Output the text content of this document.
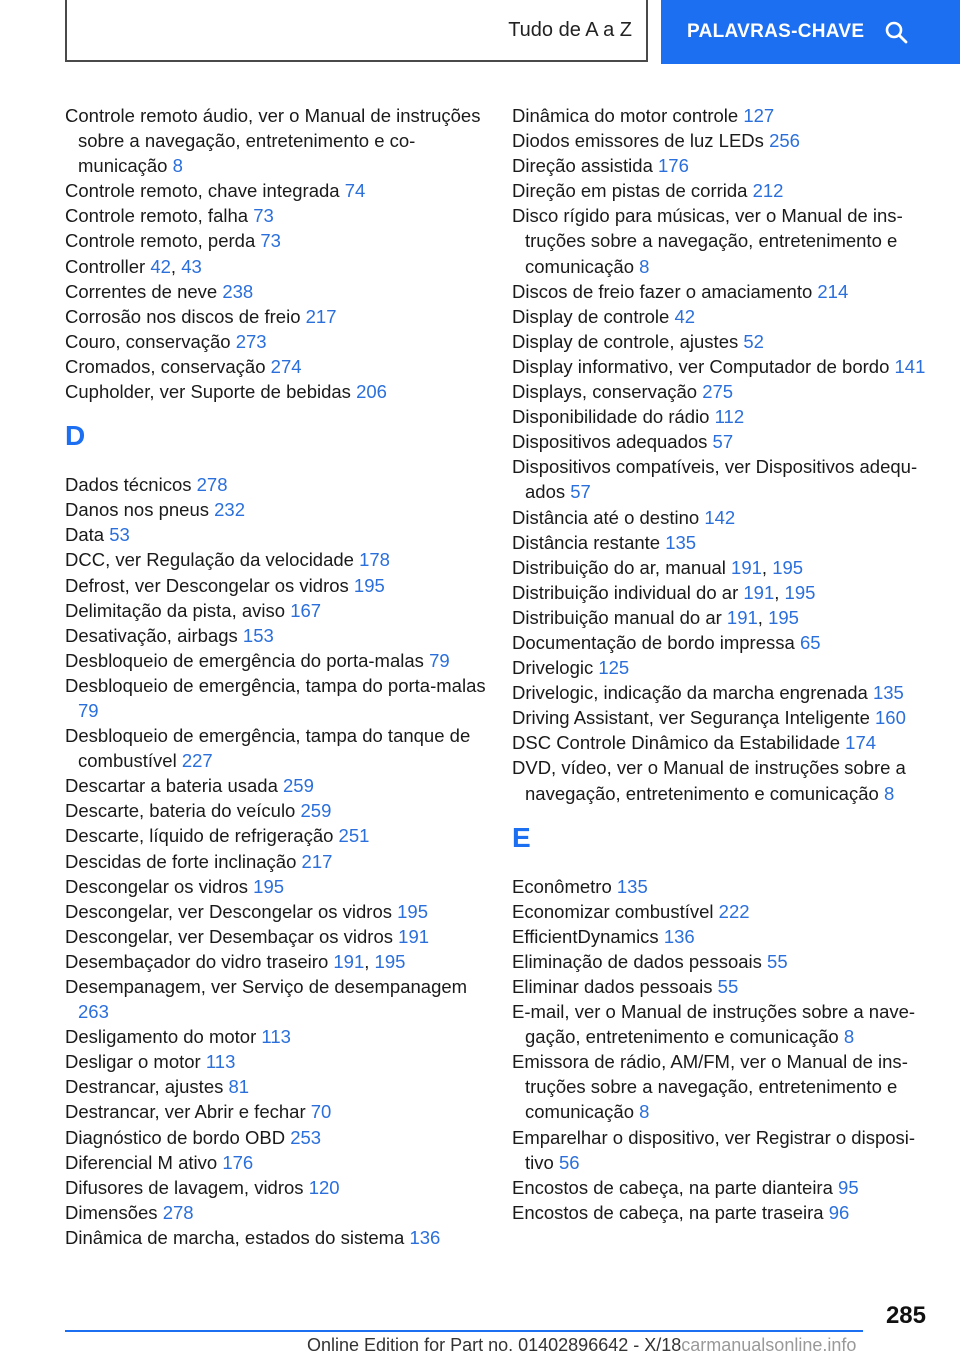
Tudo de A a Z	PALAVRAS-CHAVE

Controle remoto áudio, ver o Manual de instruções sobre a navegação, entretenimento e comunicação 8

Controle remoto, chave integrada 74

Controle remoto, falha 73

Controle remoto, perda 73

Controller 42, 43

Correntes de neve 238

Corrosão nos discos de freio 217

Couro, conservação 273

Cromados, conservação 274

Cupholder, ver Suporte de bebidas 206

D

Dados técnicos 278

Danos nos pneus 232

Data 53

DCC, ver Regulação da velocidade 178

Defrost, ver Descongelar os vidros 195

Delimitação da pista, aviso 167

Desativação, airbags 153

Desbloqueio de emergência do porta-malas 79

Desbloqueio de emergência, tampa do porta-malas 79

Desbloqueio de emergência, tampa do tanque de combustível 227

Descartar a bateria usada 259

Descarte, bateria do veículo 259

Descarte, líquido de refrigeração 251

Descidas de forte inclinação 217

Descongelar os vidros 195

Descongelar, ver Descongelar os vidros 195

Descongelar, ver Desembaçar os vidros 191

Desembaçador do vidro traseiro 191, 195

Desempanagem, ver Serviço de desempanagem 263

Desligamento do motor 113

Desligar o motor 113

Destrancar, ajustes 81

Destrancar, ver Abrir e fechar 70

Diagnóstico de bordo OBD 253

Diferencial M ativo 176

Difusores de lavagem, vidros 120

Dimensões 278

Dinâmica de marcha, estados do sistema 136

Dinâmica do motor controle 127

Diodos emissores de luz LEDs 256

Direção assistida 176

Direção em pistas de corrida 212

Disco rígido para músicas, ver o Manual de instruções sobre a navegação, entretenimento e comunicação 8

Discos de freio fazer o amaciamento 214

Display de controle 42

Display de controle, ajustes 52

Display informativo, ver Computador de bordo 141

Displays, conservação 275

Disponibilidade do rádio 112

Dispositivos adequados 57

Dispositivos compatíveis, ver Dispositivos adequados 57

Distância até o destino 142

Distância restante 135

Distribuição do ar, manual 191, 195

Distribuição individual do ar 191, 195

Distribuição manual do ar 191, 195

Documentação de bordo impressa 65

Drivelogic 125

Drivelogic, indicação da marcha engrenada 135

Driving Assistant, ver Segurança Inteligente 160

DSC Controle Dinâmico da Estabilidade 174

DVD, vídeo, ver o Manual de instruções sobre a navegação, entretenimento e comunicação 8

E

Econômetro 135

Economizar combustível 222

EfficientDynamics 136

Eliminação de dados pessoais 55

Eliminar dados pessoais 55

E-mail, ver o Manual de instruções sobre a navegação, entretenimento e comunicação 8

Emissora de rádio, AM/FM, ver o Manual de instruções sobre a navegação, entretenimento e comunicação 8

Emparelhar o dispositivo, ver Registrar o dispositivo 56

Encostos de cabeça, na parte dianteira 95

Encostos de cabeça, na parte traseira 96

285
Online Edition for Part no. 01402896642 - X/18carmanualsonline.info
